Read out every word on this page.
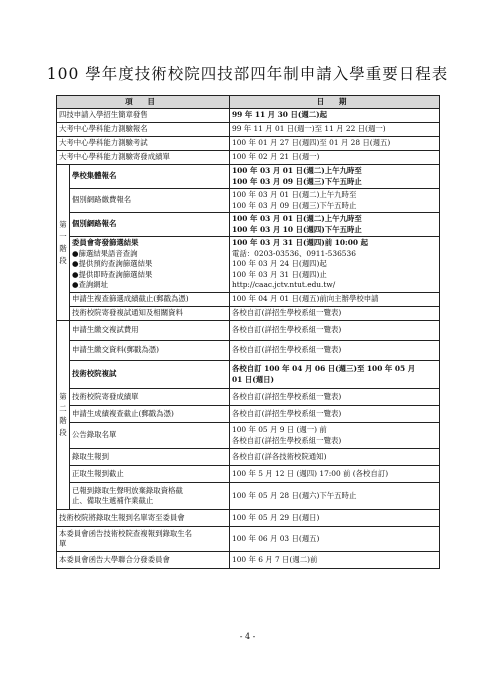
100 學年度技術校院四技部四年制申請入學重要日程表
項 目		日 期
四技申請入學招生簡章發售		99 年 11 月 30 日(週二)起

大考中心學科能力測驗報名		99 年 11 月 01 日(週一)至 11 月 22 日(週一)

大考中心學科能力測驗考試		100 年 01 月 27 日(週四)至 01 月 28 日(週五)

大考中心學科能力測驗寄發成績單		100 年 02 月 21 日(週一)

第
一
階
段	學校集體報名	100 年 03 月 01 日(週二)上午九時至
100 年 03 月 09 日(週三)下午五時止

	個別網路繳費報名	100 年 03 月 01 日(週二)上午九時至
100 年 03 月 09 日(週三)下午五時止

	個別網路報名	100 年 03 月 01 日(週二)上午九時至
100 年 03 月 10 日(週四)下午五時止

	委員會寄發篩選結果
●篩選結果語音查詢
●提供預約查詢篩選結果
●提供即時查詢篩選結果
●查詢網址	100 年 03 月 31 日(週四)前 10:00 起
電話：0203-03536、0911-536536
100 年 03 月 24 日(週四)起
100 年 03 月 31 日(週四)止
http://caac.jctv.ntut.edu.tw/

	申請生複查篩選成績截止(郵戳為憑)	100 年 04 月 01 日(週五)前向主辦學校申請

	技術校院寄發複試通知及相關資料	各校自訂(詳招生學校系組一覽表)

第
二
階
段	申請生繳交複試費用	各校自訂(詳招生學校系組一覽表)

	申請生繳交資料(郵戳為憑)	各校自訂(詳招生學校系組一覽表)

	技術校院複試	各校自訂 100 年 04 月 06 日(週三)至 100 年 05 月
01 日(週日)

	技術校院寄發成績單	各校自訂(詳招生學校系組一覽表)

	申請生成績複查截止(郵戳為憑)	各校自訂(詳招生學校系組一覽表)

	公告錄取名單	100 年 05 月 9 日 (週一) 前
各校自訂(詳招生學校系組一覽表)

	錄取生報到	各校自訂(詳各技術校院通知)

	正取生報到截止	100 年 5 月 12 日 (週四) 17:00 前 (各校自訂)

	已報到錄取生聲明放棄錄取資格截
止、備取生遞補作業截止	100 年 05 月 28 日(週六)下午五時止

技術校院將錄取生報到名單寄至委員會		100 年 05 月 29 日(週日)

本委員會函告技術校院查複報到錄取生名
單		100 年 06 月 03 日(週五)

本委員會函告大學聯合分發委員會		100 年 6 月 7 日(週二)前
- 4 -
